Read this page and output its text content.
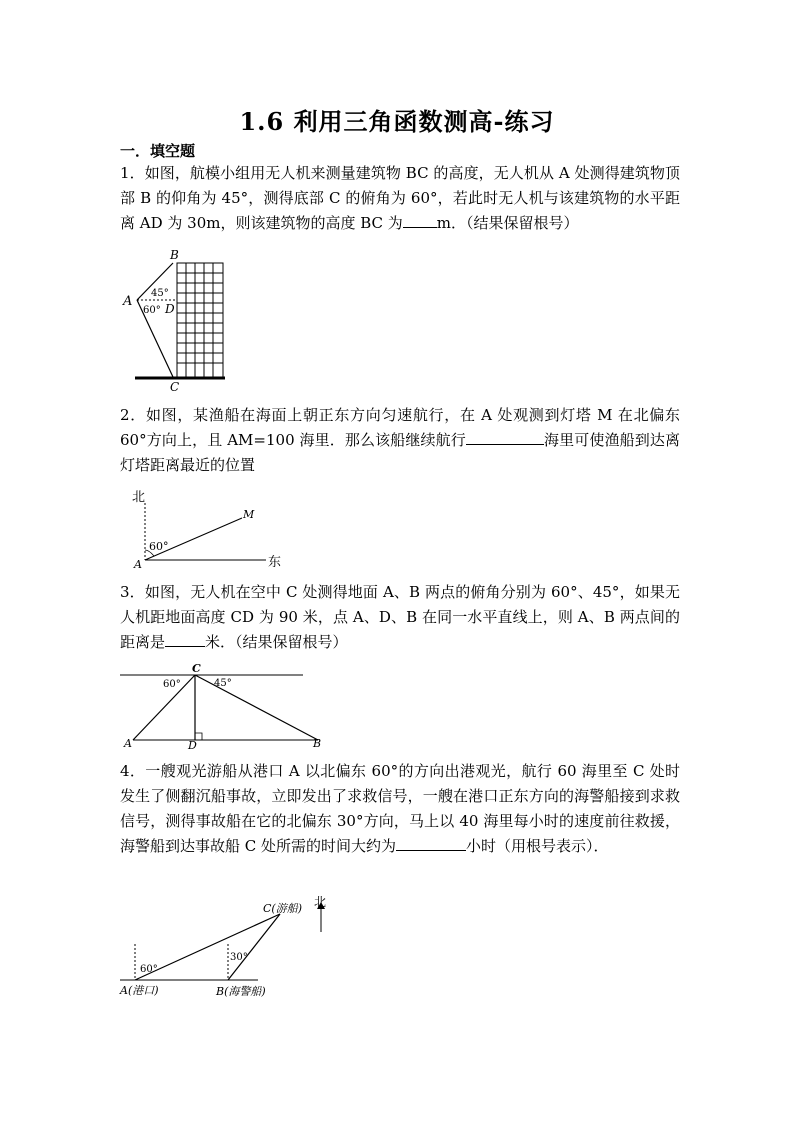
1.6 利用三角函数测高-练习
一．填空题
1．如图，航模小组用无人机来测量建筑物 BC 的高度，无人机从 A 处测得建筑物顶部 B 的仰角为 45°，测得底部 C 的俯角为 60°，若此时无人机与该建筑物的水平距离 AD 为 30m，则该建筑物的高度 BC 为 m．（结果保留根号）
A
B
C
D
45°
60°
2．如图，某渔船在海面上朝正东方向匀速航行，在 A 处观测到灯塔 M 在北偏东 60°方向上，且 AM=100 海里．那么该船继续航行	海里可使渔船到达离灯塔距离最近的位置
北
东
A
M
60°
3．如图，无人机在空中 C 处测得地面 A、B 两点的俯角分别为 60°、45°，如果无人机距地面高度 CD 为 90 米，点 A、D、B 在同一水平直线上，则 A、B 两点间的距离是	米．（结果保留根号）
C
60°	45°
A	D	B
4．一艘观光游船从港口 A 以北偏东 60°的方向出港观光，航行 60 海里至 C 处时发生了侧翻沉船事故，立即发出了求救信号，一艘在港口正东方向的海警船接到求救信号，测得事故船在它的北偏东 30°方向，马上以 40 海里每小时的速度前往救援，海警船到达事故船 C 处所需的时间大约为	小时（用根号表示）．
60°
30°
C(游船) 北
A(港口)	B(海警船)
